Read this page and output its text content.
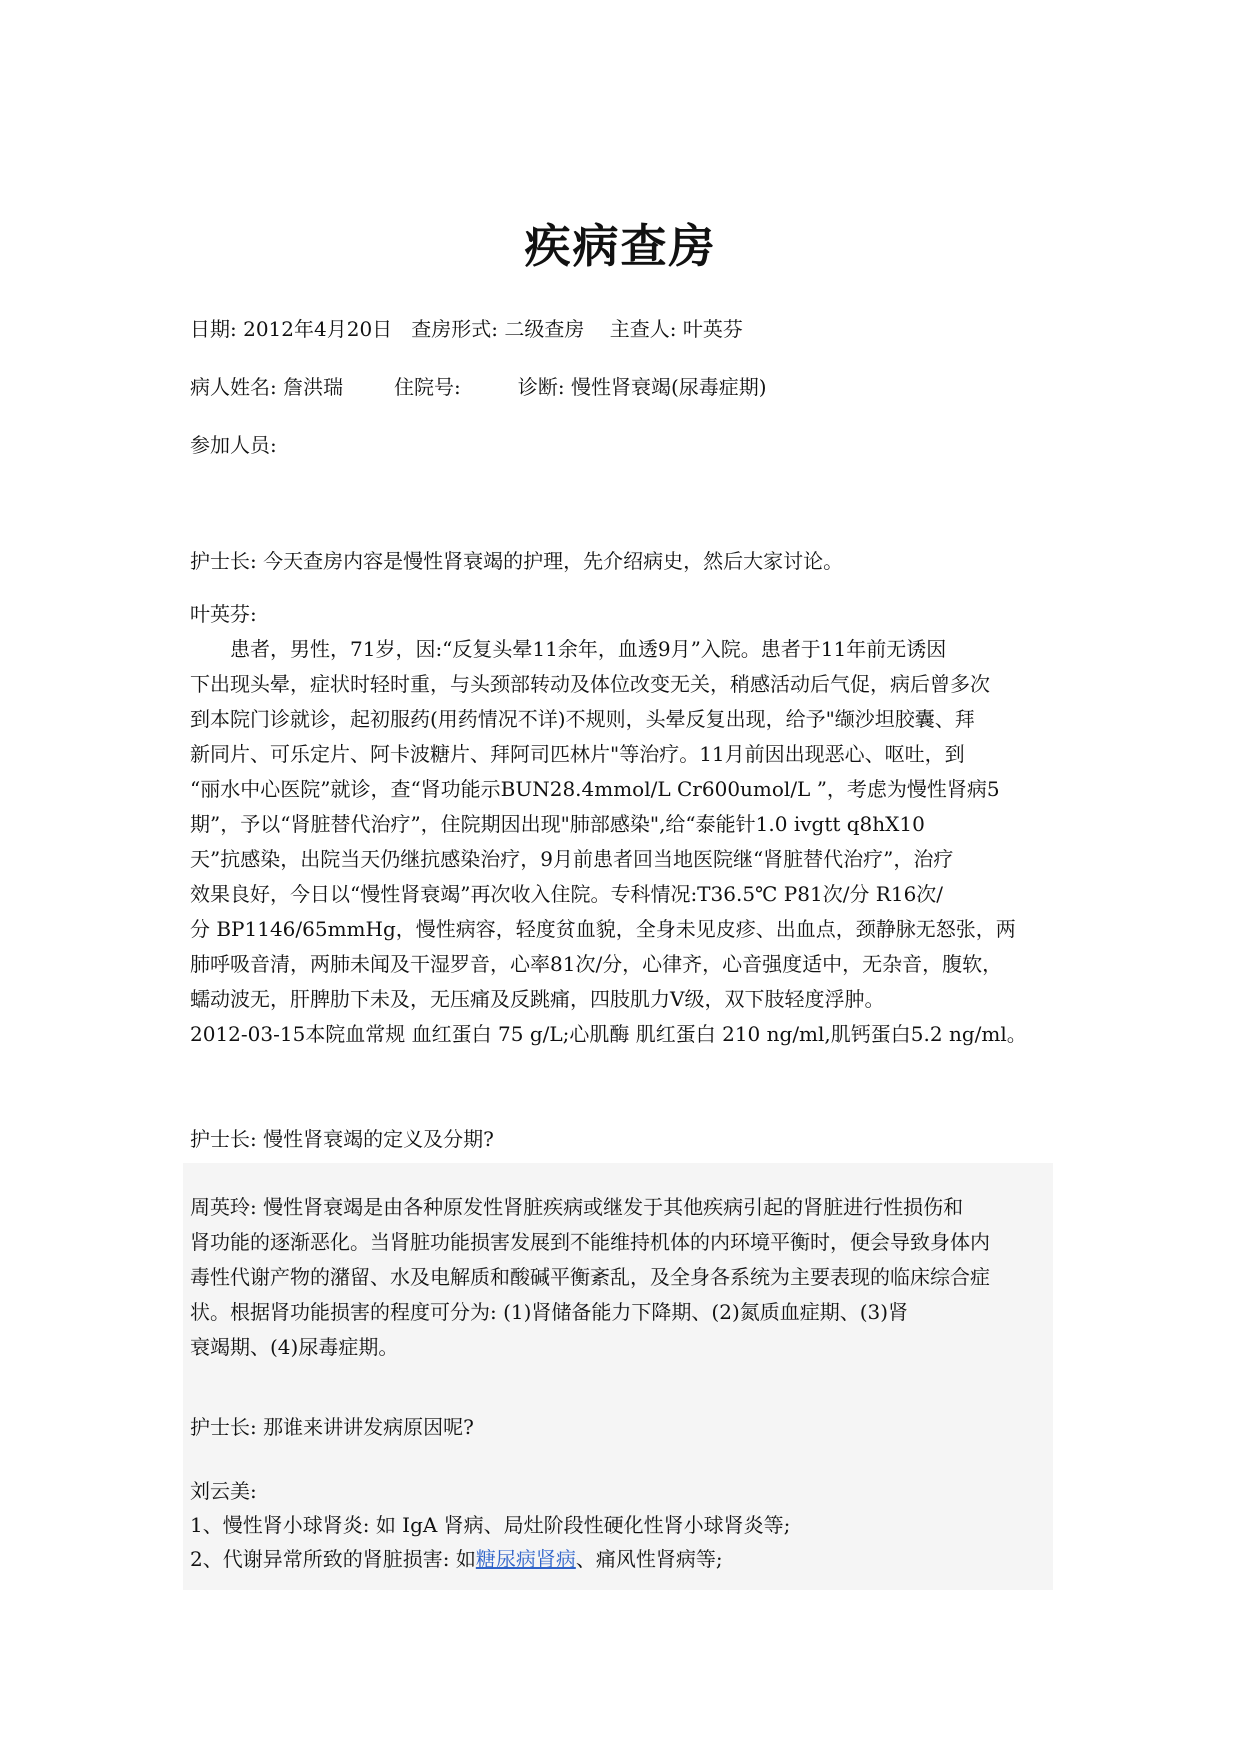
疾病查房
日期: 2012年4月20日   查房形式: 二级查房    主查人: 叶英芬
病人姓名: 詹洪瑞        住院号:         诊断: 慢性肾衰竭(尿毒症期)
参加人员:
护士长: 今天查房内容是慢性肾衰竭的护理，先介绍病史，然后大家讨论。

叶英芬:

患者，男性，71岁，因:“反复头晕11余年，血透9月”入院。患者于11年前无诱因

下出现头晕，症状时轻时重，与头颈部转动及体位改变无关，稍感活动后气促，病后曾多次

到本院门诊就诊，起初服药(用药情况不详)不规则，头晕反复出现，给予"缬沙坦胶囊、拜

新同片、可乐定片、阿卡波糖片、拜阿司匹林片"等治疗。11月前因出现恶心、呕吐，到

“丽水中心医院”就诊，查“肾功能示BUN28.4mmol/L Cr600umol/L ”，考虑为慢性肾病5

期”，予以“肾脏替代治疗”，住院期因出现"肺部感染",给“泰能针1.0 ivgtt q8hX10

天”抗感染，出院当天仍继抗感染治疗，9月前患者回当地医院继“肾脏替代治疗”，治疗

效果良好，今日以“慢性肾衰竭”再次收入住院。专科情况:T36.5℃ P81次/分 R16次/

分 BP1146/65mmHg，慢性病容，轻度贫血貌，全身未见皮疹、出血点，颈静脉无怒张，两

肺呼吸音清，两肺未闻及干湿罗音，心率81次/分，心律齐，心音强度适中，无杂音，腹软，

蠕动波无，肝脾肋下未及，无压痛及反跳痛，四肢肌力V级，双下肢轻度浮肿。

2012-03-15本院血常规 血红蛋白 75 g/L;心肌酶 肌红蛋白 210 ng/ml,肌钙蛋白5.2 ng/ml。

护士长: 慢性肾衰竭的定义及分期?

周英玲: 慢性肾衰竭是由各种原发性肾脏疾病或继发于其他疾病引起的肾脏进行性损伤和

肾功能的逐渐恶化。当肾脏功能损害发展到不能维持机体的内环境平衡时，便会导致身体内

毒性代谢产物的潴留、水及电解质和酸碱平衡紊乱，及全身各系统为主要表现的临床综合症

状。根据肾功能损害的程度可分为: (1)肾储备能力下降期、(2)氮质血症期、(3)肾

衰竭期、(4)尿毒症期。

护士长: 那谁来讲讲发病原因呢?
刘云美:
1、慢性肾小球肾炎: 如 IgA 肾病、局灶阶段性硬化性肾小球肾炎等;
2、代谢异常所致的肾脏损害: 如糖尿病肾病、痛风性肾病等;
